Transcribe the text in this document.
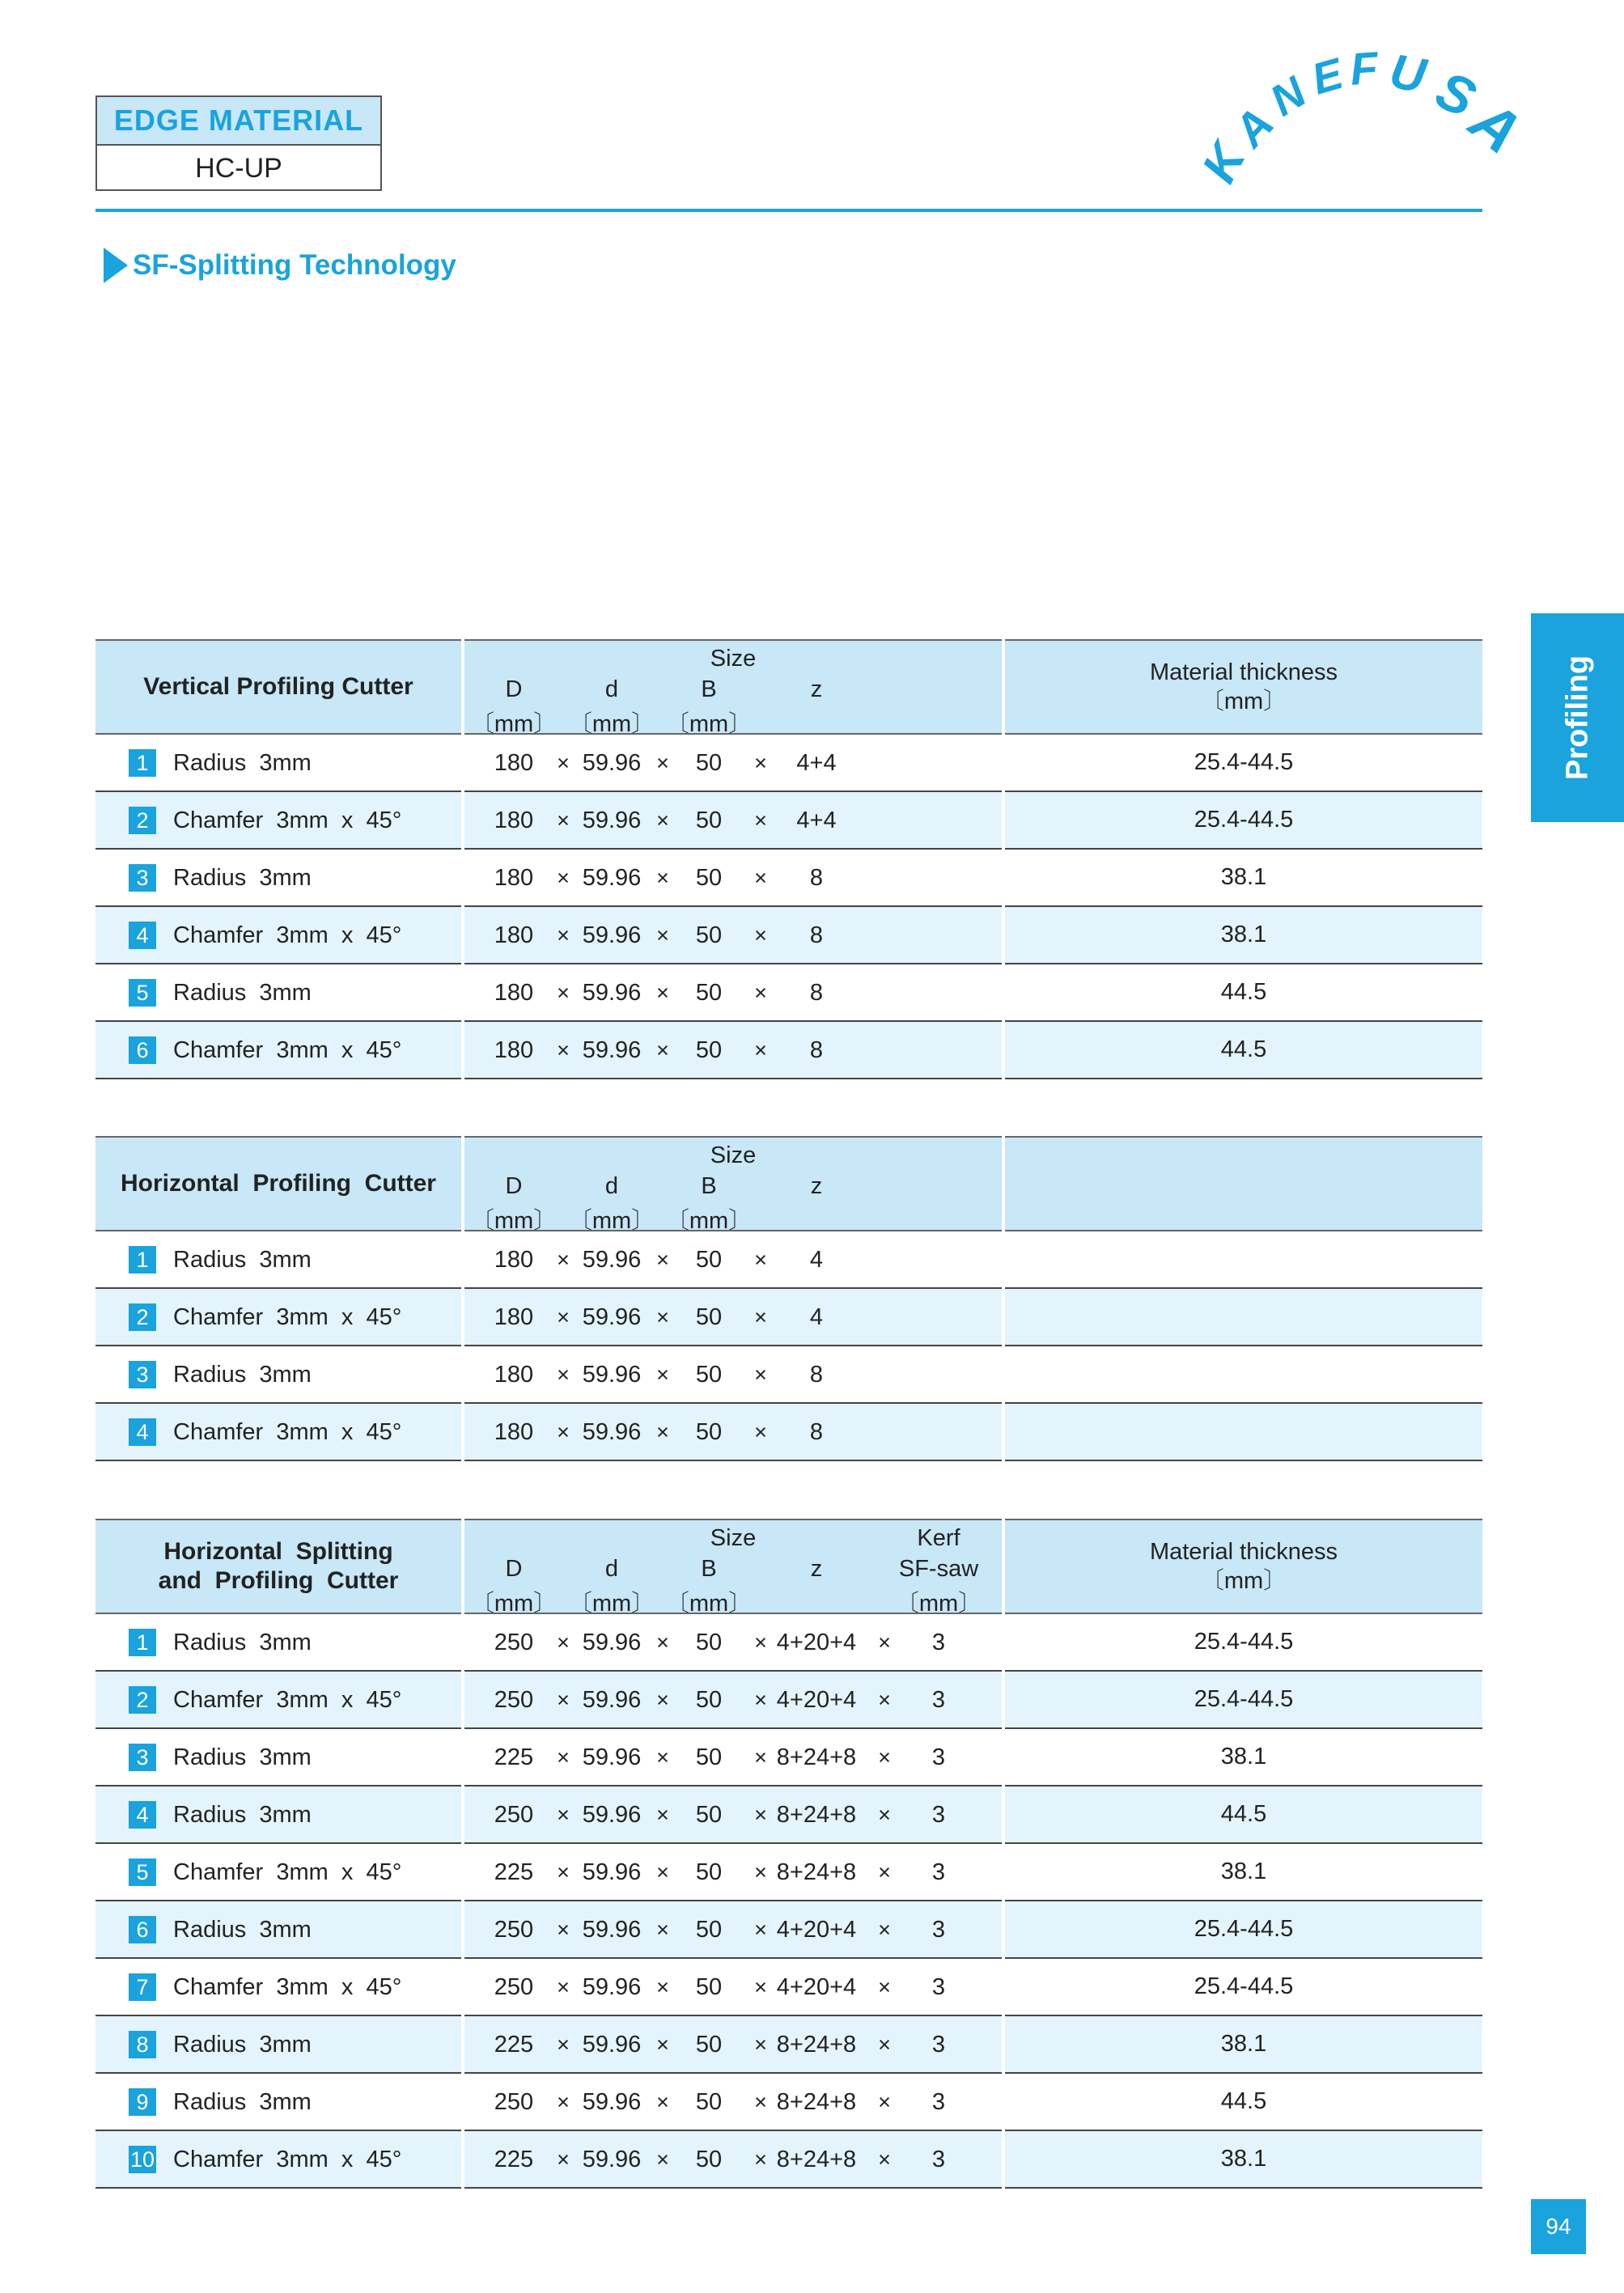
EDGE MATERIAL
HC-UP	K
A
N
E F U
S
A
SF-Splitting Technology
Profiling
Vertical Profiling Cutter
Size
D	d	B	z
〔mm〕 〔mm〕 〔mm〕
Material thickness
〔mm〕
1	Radius  3mm	180 × 59.96 × 50 × 4+4	25.4-44.5
2	Chamfer  3mm  x  45°	180 × 59.96 × 50 × 4+4	25.4-44.5
3	Radius  3mm	180 × 59.96 × 50 × 8	38.1
4	Chamfer  3mm  x  45°	180 × 59.96 × 50 × 8	38.1
5	Radius  3mm	180 × 59.96 × 50 × 8	44.5
6	Chamfer  3mm  x  45°	180 × 59.96 × 50 × 8	44.5
Horizontal  Profiling  Cutter
Size
D	d	B	z
〔mm〕 〔mm〕 〔mm〕
1	Radius  3mm	180 × 59.96 × 50 × 4
2	Chamfer  3mm  x  45°	180 × 59.96 × 50 × 4
3	Radius  3mm	180 × 59.96 × 50 × 8
4	Chamfer  3mm  x  45°	180 × 59.96 × 50 × 8
Horizontal  Splitting
and  Profiling  Cutter
Size	Kerf
D	d	B	z	SF-saw
〔mm〕 〔mm〕 〔mm〕	〔mm〕
Material thickness
〔mm〕
1	Radius  3mm	250 × 59.96 × 50 × 4+20+4 × 3	25.4-44.5
2	Chamfer  3mm  x  45°	250 × 59.96 × 50 × 4+20+4 × 3	25.4-44.5
3	Radius  3mm	225 × 59.96 × 50 × 8+24+8 × 3	38.1
4	Radius  3mm	250 × 59.96 × 50 × 8+24+8 × 3	44.5
5	Chamfer  3mm  x  45°	225 × 59.96 × 50 × 8+24+8 × 3	38.1
6	Radius  3mm	250 × 59.96 × 50 × 4+20+4 × 3	25.4-44.5
7	Chamfer  3mm  x  45°	250 × 59.96 × 50 × 4+20+4 × 3	25.4-44.5
8	Radius  3mm	225 × 59.96 × 50 × 8+24+8 × 3	38.1
9	Radius  3mm	250 × 59.96 × 50 × 8+24+8 × 3	44.5
10 Chamfer  3mm  x  45°	225 × 59.96 × 50 × 8+24+8 × 3	38.1
94
